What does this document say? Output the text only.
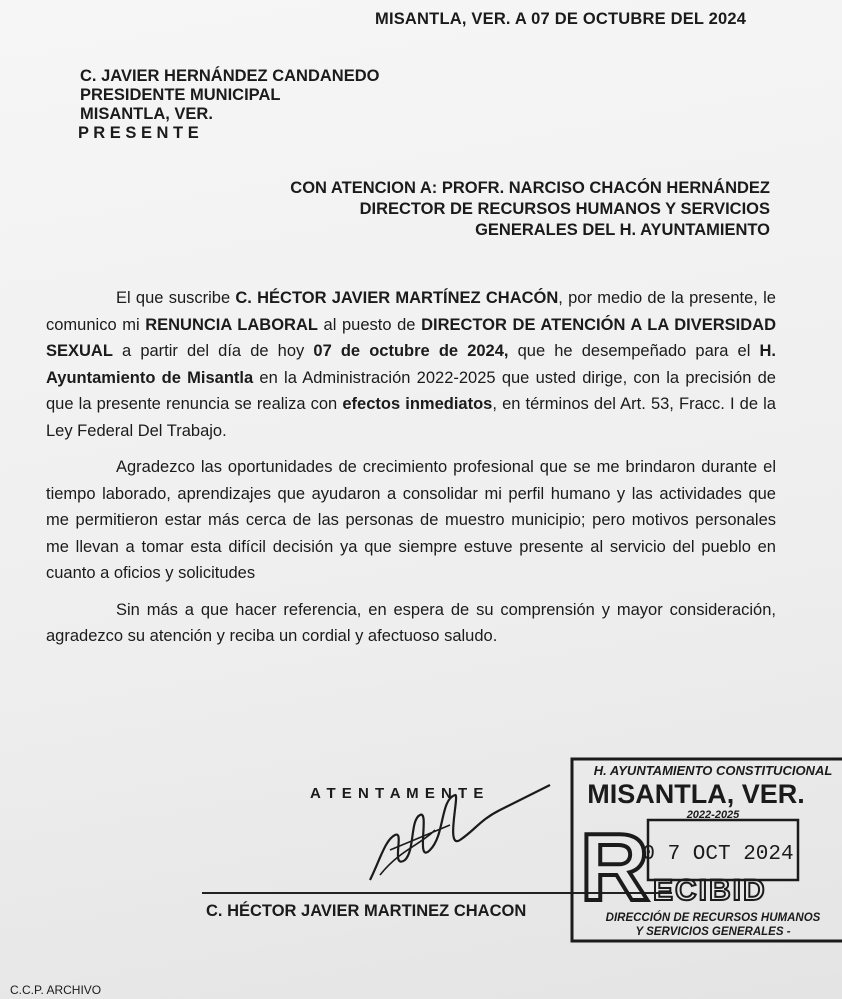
MISANTLA, VER. A 07 DE OCTUBRE DEL 2024
C. JAVIER HERNÁNDEZ CANDANEDO
PRESIDENTE MUNICIPAL
MISANTLA, VER.
P R E S E N T E
CON ATENCION A: PROFR. NARCISO CHACÓN HERNÁNDEZ
DIRECTOR DE RECURSOS HUMANOS Y SERVICIOS
GENERALES DEL H. AYUNTAMIENTO

El que suscribe C. HÉCTOR JAVIER MARTÍNEZ CHACÓN, por medio de la presente, le comunico mi RENUNCIA LABORAL al puesto de DIRECTOR DE ATENCIÓN A LA DIVERSIDAD SEXUAL a partir del día de hoy 07 de octubre de 2024, que he desempeñado para el H. Ayuntamiento de Misantla en la Administración 2022-2025 que usted dirige, con la precisión de que la presente renuncia se realiza con efectos inmediatos, en términos del Art. 53, Fracc. I de la Ley Federal Del Trabajo.

Agradezco las oportunidades de crecimiento profesional que se me brindaron durante el tiempo laborado, aprendizajes que ayudaron a consolidar mi perfil humano y las actividades que me permitieron estar más cerca de las personas de muestro municipio; pero motivos personales me llevan a tomar esta difícil decisión ya que siempre estuve presente al servicio del pueblo en cuanto a oficios y solicitudes

Sin más a que hacer referencia, en espera de su comprensión y mayor consideración, agradezco su atención y reciba un cordial y afectuoso saludo.

A T E N T A M E N T E
C. HÉCTOR JAVIER MARTINEZ CHACON
H. AYUNTAMIENTO CONSTITUCIONAL
MISANTLA, VER.
2022-2025
0 7 OCT 2024
R ECIBID
DIRECCIÓN DE RECURSOS HUMANOS
Y SERVICIOS GENERALES -
C.C.P. ARCHIVO
